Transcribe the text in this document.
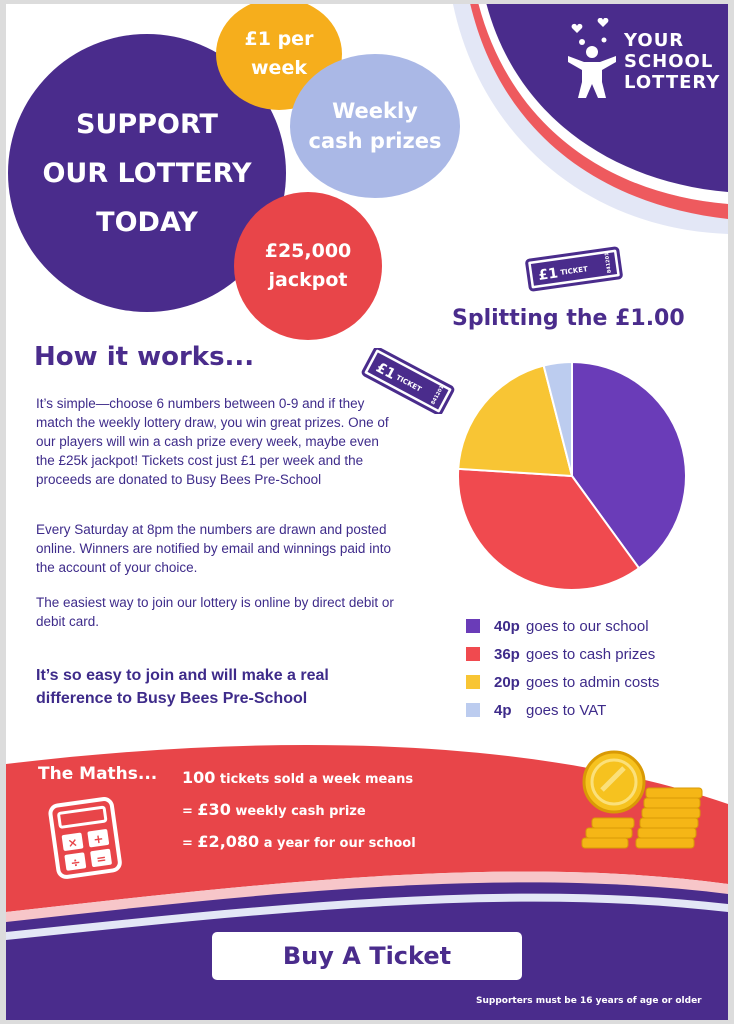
YOUR
SCHOOL
LOTTERY
SUPPORT
OUR LOTTERY
TODAY
£1 per
week
Weekly
cash prizes
£25,000
jackpot	£1 TICKET	841201
£1
TICKET
841201
How it works...
It’s simple—choose 6 numbers between 0-9 and if they match the weekly lottery draw, you win great prizes. One of our players will win a cash prize every week, maybe even the £25k jackpot! Tickets cost just £1 per week and the proceeds are donated to Busy Bees Pre-School
Every Saturday at 8pm the numbers are drawn and posted online. Winners are notified by email and winnings paid into the account of your choice.
The easiest way to join our lottery is online by direct debit or debit card.
It’s so easy to join and will make a real difference to Busy Bees Pre-School
Splitting the £1.00
40p goes to our school
36p goes to cash prizes
20p goes to admin costs
4p goes to VAT
× +
÷ =
The Maths... 100 tickets sold a week means
= £30 weekly cash prize
= £2,080 a year for our school
Buy A Ticket
Supporters must be 16 years of age or older
